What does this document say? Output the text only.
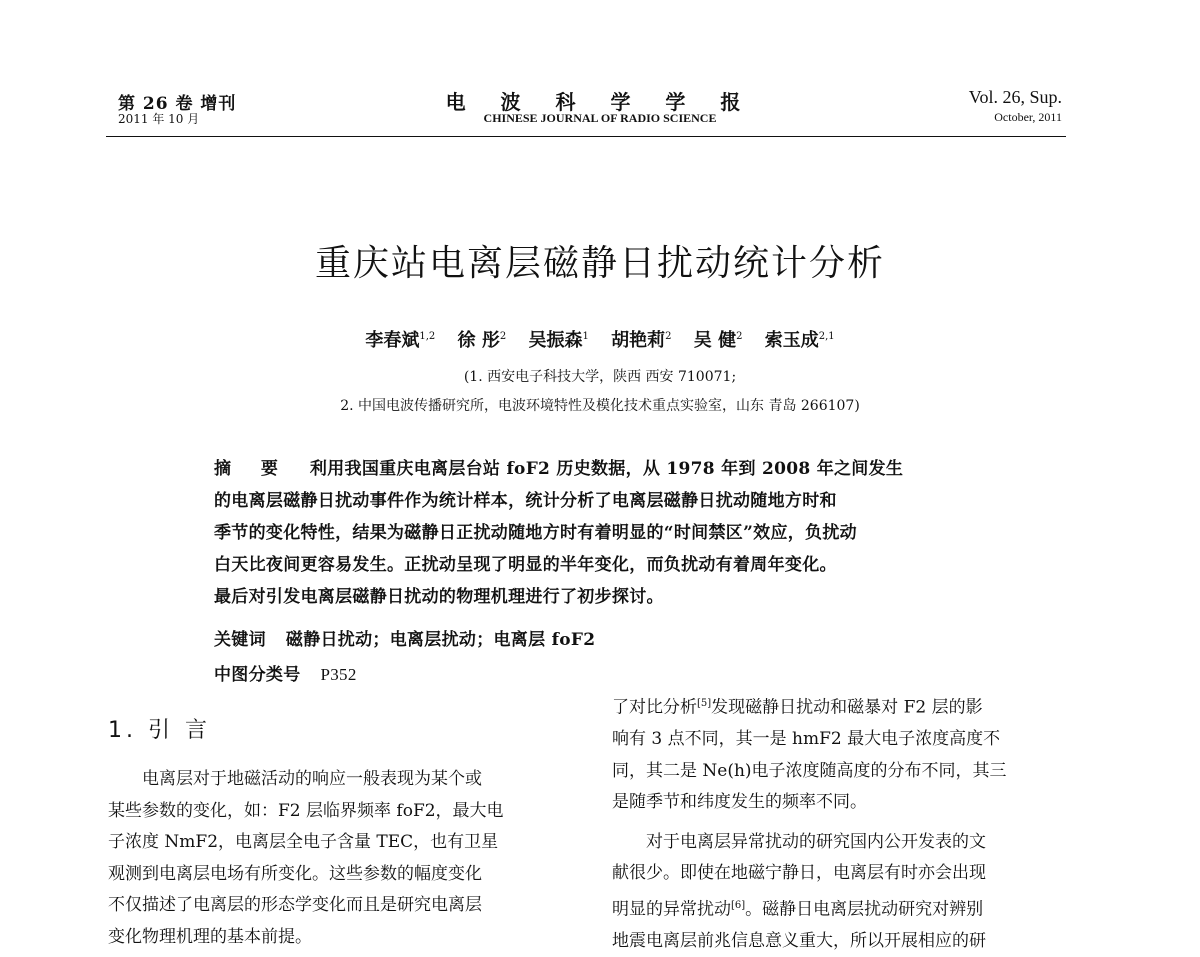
第 26 卷 增刊
2011 年 10 月
电 波 科 学 学 报
CHINESE JOURNAL OF RADIO SCIENCE
Vol. 26, Sup.
October, 2011
重庆站电离层磁静日扰动统计分析
李春斌$^{1,2}$ 徐 彤$^2$ 吴振森$^1$ 胡艳莉$^2$ 吴 健$^2$ 索玉成$^{2,1}$
(1. 西安电子科技大学，陕西 西安 710071;
2. 中国电波传播研究所，电波环境特性及模化技术重点实验室，山东 青岛 266107)
摘 要 利用我国重庆电离层台站 foF2 历史数据，从 1978 年到 2008 年之间发生
的电离层磁静日扰动事件作为统计样本，统计分析了电离层磁静日扰动随地方时和
季节的变化特性，结果为磁静日正扰动随地方时有着明显的“时间禁区”效应，负扰动
白天比夜间更容易发生。正扰动呈现了明显的半年变化，而负扰动有着周年变化。
最后对引发电离层磁静日扰动的物理机理进行了初步探讨。
关键词 磁静日扰动；电离层扰动；电离层 foF2
中图分类号 P352
1. 引 言

电离层对于地磁活动的响应一般表现为某个或

某些参数的变化，如：F2 层临界频率 foF2，最大电

子浓度 NmF2，电离层全电子含量 TEC，也有卫星

观测到电离层电场有所变化。这些参数的幅度变化

不仅描述了电离层的形态学变化而且是研究电离层

变化物理机理的基本前提。

了对比分析[5]发现磁静日扰动和磁暴对 F2 层的影

响有 3 点不同，其一是 hmF2 最大电子浓度高度不

同，其二是 Ne(h)电子浓度随高度的分布不同，其三

是随季节和纬度发生的频率不同。

对于电离层异常扰动的研究国内公开发表的文

献很少。即使在地磁宁静日，电离层有时亦会出现

明显的异常扰动[6]。磁静日电离层扰动研究对辨别

地震电离层前兆信息意义重大，所以开展相应的研
